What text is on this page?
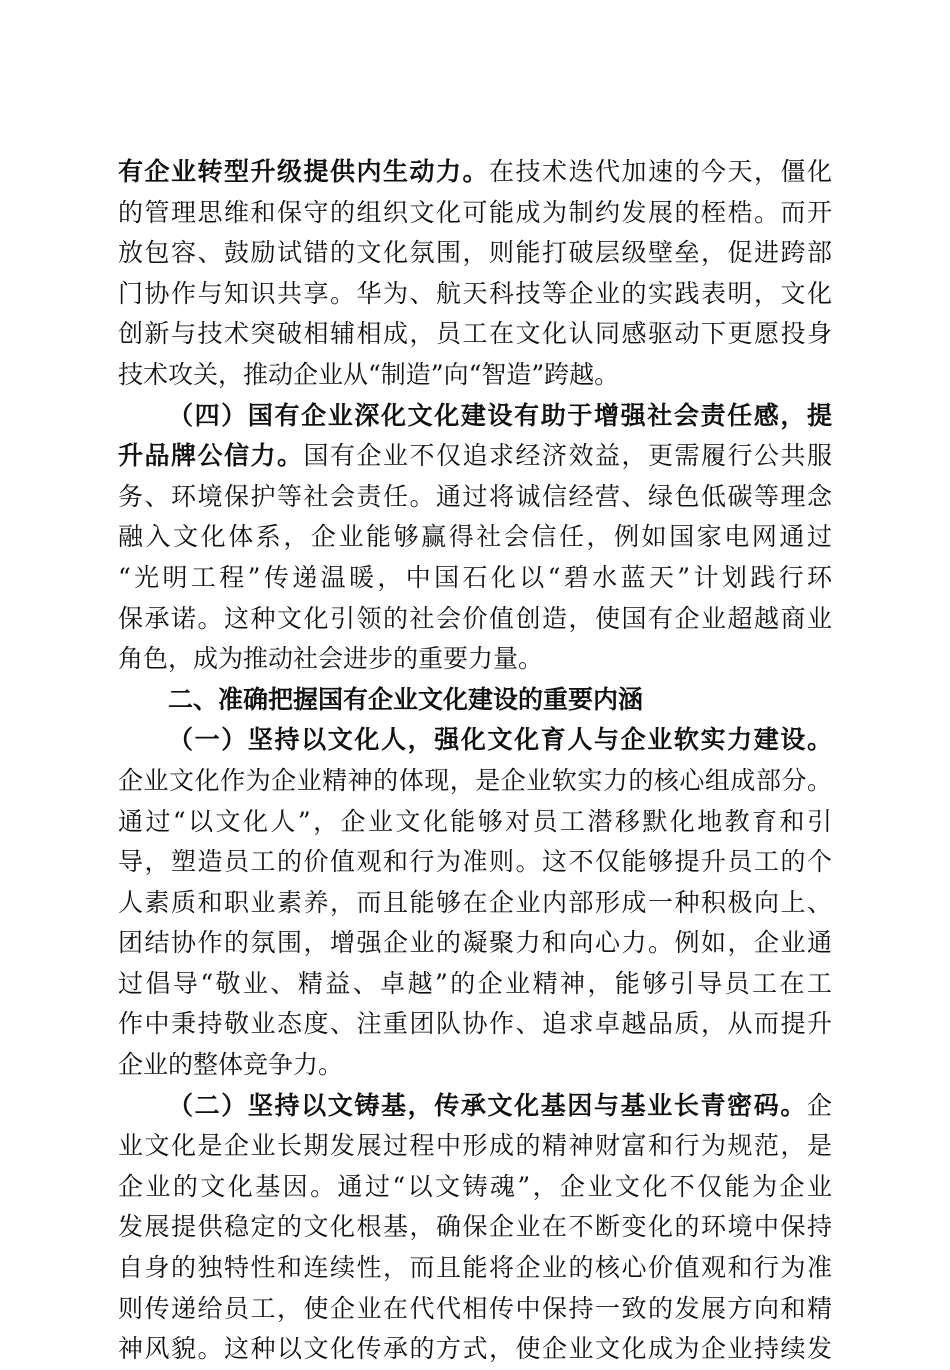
有企业转型升级提供内生动力。在技术迭代加速的今天，僵化
的管理思维和保守的组织文化可能成为制约发展的桎梏。而开
放包容、鼓励试错的文化氛围，则能打破层级壁垒，促进跨部
门协作与知识共享。华为、航天科技等企业的实践表明，文化
创新与技术突破相辅相成，员工在文化认同感驱动下更愿投身
技术攻关，推动企业从“制造”向“智造”跨越。
（四）国有企业深化文化建设有助于增强社会责任感，提
升品牌公信力。国有企业不仅追求经济效益，更需履行公共服
务、环境保护等社会责任。通过将诚信经营、绿色低碳等理念
融入文化体系，企业能够赢得社会信任，例如国家电网通过
“光明工程”传递温暖，中国石化以“碧水蓝天”计划践行环
保承诺。这种文化引领的社会价值创造，使国有企业超越商业
角色，成为推动社会进步的重要力量。
二、准确把握国有企业文化建设的重要内涵
（一）坚持以文化人，强化文化育人与企业软实力建设。
企业文化作为企业精神的体现，是企业软实力的核心组成部分。
通过“以文化人”，企业文化能够对员工潜移默化地教育和引
导，塑造员工的价值观和行为准则。这不仅能够提升员工的个
人素质和职业素养，而且能够在企业内部形成一种积极向上、
团结协作的氛围，增强企业的凝聚力和向心力。例如，企业通
过倡导“敬业、精益、卓越”的企业精神，能够引导员工在工
作中秉持敬业态度、注重团队协作、追求卓越品质，从而提升
企业的整体竞争力。
（二）坚持以文铸基，传承文化基因与基业长青密码。企
业文化是企业长期发展过程中形成的精神财富和行为规范，是
企业的文化基因。通过“以文铸魂”，企业文化不仅能为企业
发展提供稳定的文化根基，确保企业在不断变化的环境中保持
自身的独特性和连续性，而且能将企业的核心价值观和行为准
则传递给员工，使企业在代代相传中保持一致的发展方向和精
神风貌。这种以文化传承的方式，使企业文化成为企业持续发
